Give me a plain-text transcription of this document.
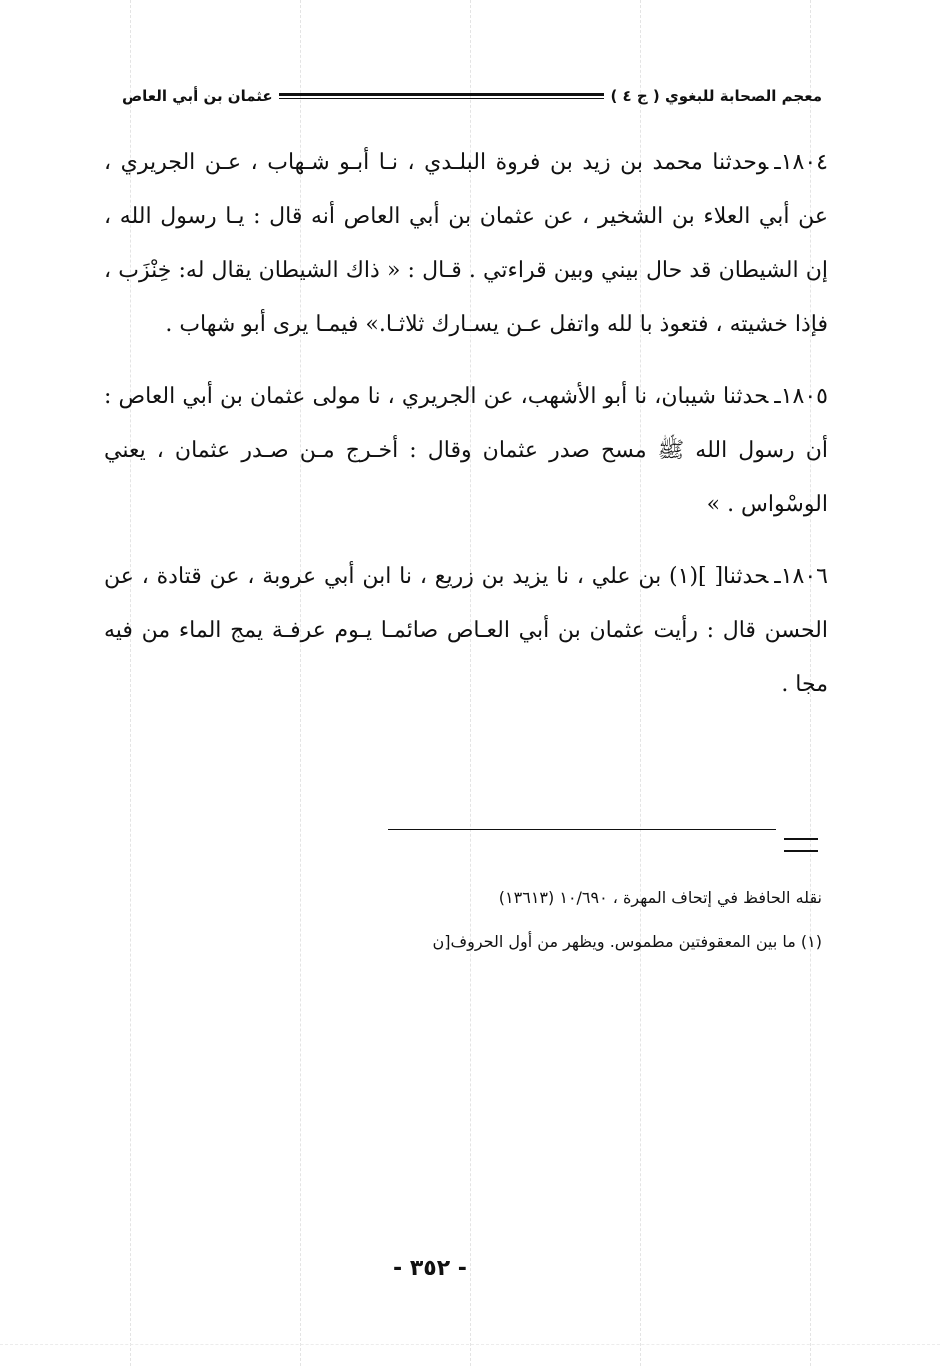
معجم الصحابة للبغوي ( ج ٤ )
عثمان بن أبي العاص

١٨٠٤ـوحدثنا محمد بن زيد بن فروة البلـدي ، نـا أبـو شـهاب ، عـن الجريري ، عن أبي العلاء بن الشخير ، عن عثمان بن أبي العاص أنه قال : يـا رسول الله ، إن الشيطان قد حال بيني وبين قراءتي . قـال : « ذاك الشيطان يقال له: خِنْزَب ، فإذا خشيته ، فتعوذ با لله واتفل عـن يسـارك ثلاثـا.» فيمـا يرى أبو شهاب .

١٨٠٥ـحدثنا شيبان، نا أبو الأشهب، عن الجريري ، نا مولى عثمان بن أبي العاص : أن رسول الله ﷺ مسح صدر عثمان وقال : أخـرج مـن صـدر عثمان ، يعني الوسْواس . »

١٨٠٦ـحدثنا[ ](١) بن علي ، نا يزيد بن زريع ، نا ابن أبي عروبة ، عن قتادة ، عن الحسن قال : رأيت عثمان بن أبي العـاص صائمـا يـوم عرفـة يمج الماء من فيه مجا .

نقله الحافظ في إتحاف المهرة ، ١٠/٦٩٠ (١٣٦١٣)
(١) ما بين المعقوفتين مطموس. ويظهر من أول الحروف[ن
- ٣٥٢ -
